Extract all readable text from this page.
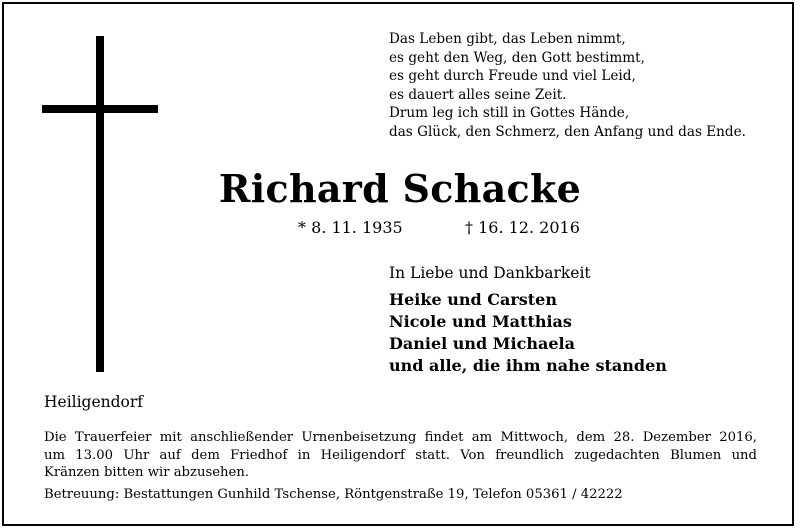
Das Leben gibt, das Leben nimmt,
es geht den Weg, den Gott bestimmt,
es geht durch Freude und viel Leid,
es dauert alles seine Zeit.
Drum leg ich still in Gottes Hände,
das Glück, den Schmerz, den Anfang und das Ende.
Richard Schacke
* 8. 11. 1935	† 16. 12. 2016
In Liebe und Dankbarkeit
Heike und Carsten
Nicole und Matthias
Daniel und Michaela
und alle, die ihm nahe standen
Heiligendorf
Die Trauerfeier mit anschließender Urnenbeisetzung findet am Mittwoch, dem 28. Dezember 2016,
um 13.00 Uhr auf dem Friedhof in Heiligendorf statt. Von freundlich zugedachten Blumen und
Kränzen bitten wir abzusehen.
Betreuung: Bestattungen Gunhild Tschense, Röntgenstraße 19, Telefon 05361 / 42222
